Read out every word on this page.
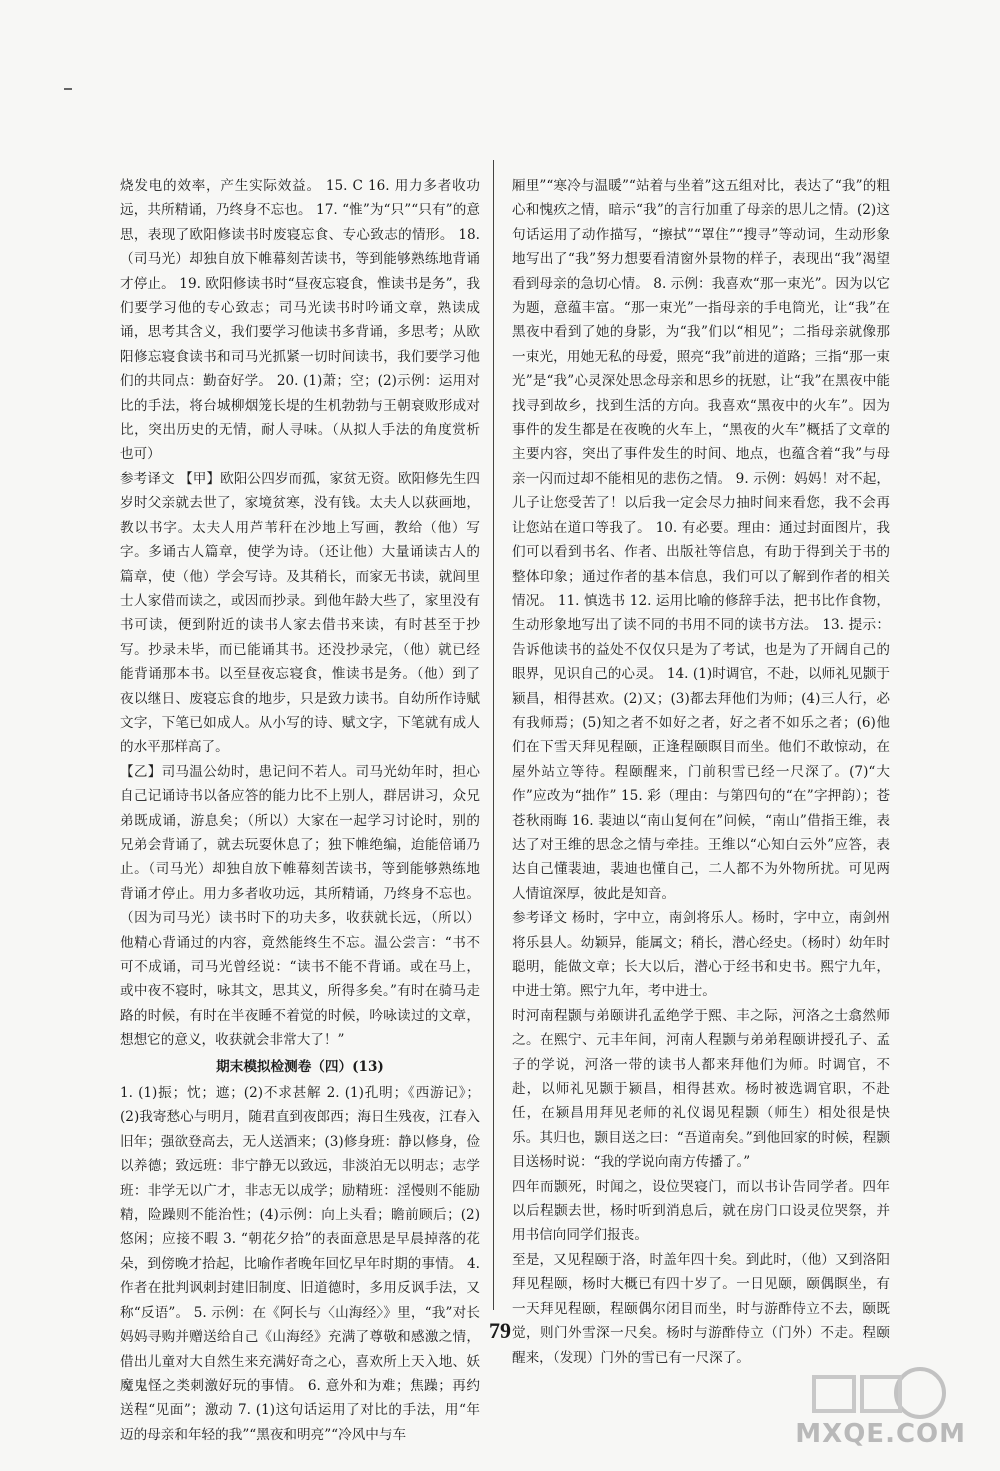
烧发电的效率，产生实际效益。 15. C 16. 用力多者收功远，共所精诵，乃终身不忘也。 17. “惟”为“只”“只有”的意思，表现了欧阳修读书时废寝忘食、专心致志的情形。 18.（司马光）却独自放下帷幕刻苦读书，等到能够熟练地背诵才停止。 19. 欧阳修读书时“昼夜忘寝食，惟读书是务”，我们要学习他的专心致志；司马光读书时吟诵文章，熟读成诵，思考其含义，我们要学习他读书多背诵，多思考；从欧阳修忘寝食读书和司马光抓紧一切时间读书，我们要学习他们的共同点：勤奋好学。 20. (1)萧；空；(2)示例：运用对比的手法，将台城柳烟笼长堤的生机勃勃与王朝衰败形成对比，突出历史的无情，耐人寻味。（从拟人手法的角度赏析也可）

参考译文 【甲】欧阳公四岁而孤，家贫无资。欧阳修先生四岁时父亲就去世了，家境贫寒，没有钱。太夫人以荻画地，教以书字。太夫人用芦苇秆在沙地上写画，教给（他）写字。多诵古人篇章，使学为诗。（还让他）大量诵读古人的篇章，使（他）学会写诗。及其稍长，而家无书读，就闾里士人家借而读之，或因而抄录。到他年龄大些了，家里没有书可读，便到附近的读书人家去借书来读，有时甚至于抄写。抄录未毕，而已能诵其书。还没抄录完，（他）就已经能背诵那本书。以至昼夜忘寝食，惟读书是务。（他）到了夜以继日、废寝忘食的地步，只是致力读书。自幼所作诗赋文字，下笔已如成人。从小写的诗、赋文字，下笔就有成人的水平那样高了。

【乙】司马温公幼时，患记问不若人。司马光幼年时，担心自己记诵诗书以备应答的能力比不上别人，群居讲习，众兄弟既成诵，游息矣；（所以）大家在一起学习讨论时，别的兄弟会背诵了，就去玩耍休息了；独下帷绝编，迨能倍诵乃止。（司马光）却独自放下帷幕刻苦读书，等到能够熟练地背诵才停止。用力多者收功远，其所精诵，乃终身不忘也。（因为司马光）读书时下的功夫多，收获就长远，（所以）他精心背诵过的内容，竟然能终生不忘。温公尝言：“书不可不成诵，司马光曾经说：“读书不能不背诵。或在马上，或中夜不寝时，咏其文，思其义，所得多矣。”有时在骑马走路的时候，有时在半夜睡不着觉的时候，吟咏读过的文章，想想它的意义，收获就会非常大了！”

期末模拟检测卷（四）(13)

1. (1)振；忱；遮；(2)不求甚解 2. (1)孔明；《西游记》；(2)我寄愁心与明月，随君直到夜郎西；海日生残夜，江春入旧年；强欲登高去，无人送酒来；(3)修身班：静以修身，俭以养德；致远班：非宁静无以致远，非淡泊无以明志；志学班：非学无以广才，非志无以成学；励精班：淫慢则不能励精，险躁则不能治性；(4)示例：向上头看；瞻前顾后；(2)悠闲；应接不暇 3. “朝花夕拾”的表面意思是早晨掉落的花朵，到傍晚才拾起，比喻作者晚年回忆早年时期的事情。 4. 作者在批判讽刺封建旧制度、旧道德时，多用反讽手法，又称“反语”。 5. 示例：在《阿长与〈山海经〉》里，“我”对长妈妈寻购并赠送给自己《山海经》充满了尊敬和感激之情，借出儿童对大自然生来充满好奇之心，喜欢所上天入地、妖魔鬼怪之类刺激好玩的事情。 6. 意外和为难；焦躁；再约送程“见面”；激动 7. (1)这句话运用了对比的手法，用“年迈的母亲和年轻的我”“黑夜和明亮”“冷风中与车

厢里”“寒冷与温暖”“站着与坐着”这五组对比，表达了“我”的粗心和愧疚之情，暗示“我”的言行加重了母亲的思儿之情。(2)这句话运用了动作描写，“擦拭”“罩住”“搜寻”等动词，生动形象地写出了“我”努力想要看清窗外景物的样子，表现出“我”渴望看到母亲的急切心情。 8. 示例：我喜欢“那一束光”。因为以它为题，意蕴丰富。“那一束光”一指母亲的手电筒光，让“我”在黑夜中看到了她的身影，为“我”们以“相见”；二指母亲就像那一束光，用她无私的母爱，照亮“我”前进的道路；三指“那一束光”是“我”心灵深处思念母亲和思乡的抚慰，让“我”在黑夜中能找寻到故乡，找到生活的方向。我喜欢“黑夜中的火车”。因为事件的发生都是在夜晚的火车上，“黑夜的火车”概括了文章的主要内容，突出了事件发生的时间、地点，也蕴含着“我”与母亲一闪而过却不能相见的悲伤之情。 9. 示例：妈妈！对不起，儿子让您受苦了！以后我一定会尽力抽时间来看您，我不会再让您站在道口等我了。 10. 有必要。理由：通过封面图片，我们可以看到书名、作者、出版社等信息，有助于得到关于书的整体印象；通过作者的基本信息，我们可以了解到作者的相关情况。 11. 慎选书 12. 运用比喻的修辞手法，把书比作食物，生动形象地写出了读不同的书用不同的读书方法。 13. 提示：告诉他读书的益处不仅仅只是为了考试，也是为了开阔自己的眼界，见识自己的心灵。 14. (1)时调官，不赴，以师礼见颢于颍昌，相得甚欢。(2)又；(3)都去拜他们为师；(4)三人行，必有我师焉；(5)知之者不如好之者，好之者不如乐之者；(6)他们在下雪天拜见程颐，正逢程颐瞑目而坐。他们不敢惊动，在屋外站立等待。程颐醒来，门前积雪已经一尺深了。(7)“大作”应改为“拙作” 15. 彩（理由：与第四句的“在”字押韵）；苍苍秋雨晦 16. 裴迪以“南山复何在”问候，“南山”借指王维，表达了对王维的思念之情与牵挂。王维以“心知白云外”应答，表达自己懂裴迪，裴迪也懂自己，二人都不为外物所扰。可见两人情谊深厚，彼此是知音。

参考译文 杨时，字中立，南剑将乐人。杨时，字中立，南剑州将乐县人。幼颖异，能属文；稍长，潜心经史。（杨时）幼年时聪明，能做文章；长大以后，潜心于经书和史书。熙宁九年，中进士第。熙宁九年，考中进士。

时河南程颢与弟颐讲孔孟绝学于熙、丰之际，河洛之士翕然师之。在熙宁、元丰年间，河南人程颢与弟弟程颐讲授孔子、孟子的学说，河洛一带的读书人都来拜他们为师。时调官，不赴，以师礼见颢于颍昌，相得甚欢。杨时被选调官职，不赴任，在颍昌用拜见老师的礼仪谒见程颢（师生）相处很是快乐。其归也，颢目送之曰：“吾道南矣。”到他回家的时候，程颢目送杨时说：“我的学说向南方传播了。”

四年而颢死，时闻之，设位哭寝门，而以书讣告同学者。四年以后程颢去世，杨时听到消息后，就在房门口设灵位哭祭，并用书信向同学们报丧。

至是，又见程颐于洛，时盖年四十矣。到此时，（他）又到洛阳拜见程颐，杨时大概已有四十岁了。一日见颐，颐偶瞑坐，有一天拜见程颐，程颐偶尔闭目而坐，时与游酢侍立不去，颐既觉，则门外雪深一尺矣。杨时与游酢侍立（门外）不走。程颐醒来，（发现）门外的雪已有一尺深了。

79
MXQE.COM
